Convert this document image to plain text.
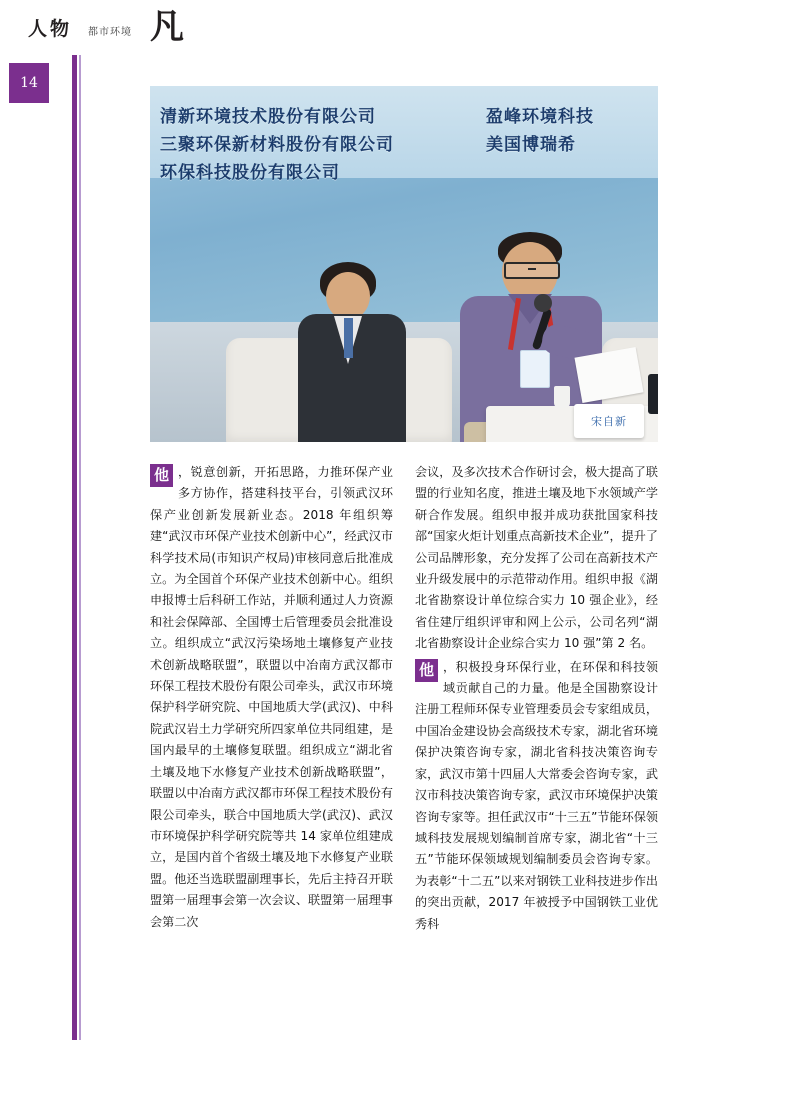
人物 都市环境 凡
14
清新环境技术股份有限公司
三聚环保新材料股份有限公司
环保科技股份有限公司
盈峰环境科技
美国博瑞希
宋自新

他 ，锐意创新，开拓思路，力推环保产业多方协作，搭建科技平台，引领武汉环保产业创新发展新业态。2018 年组织筹建“武汉市环保产业技术创新中心”，经武汉市科学技术局(市知识产权局)审核同意后批准成立。为全国首个环保产业技术创新中心。组织申报博士后科研工作站，并顺利通过人力资源和社会保障部、全国博士后管理委员会批准设立。组织成立“武汉污染场地土壤修复产业技术创新战略联盟”，联盟以中冶南方武汉都市环保工程技术股份有限公司牵头，武汉市环境保护科学研究院、中国地质大学(武汉)、中科院武汉岩土力学研究所四家单位共同组建，是国内最早的土壤修复联盟。组织成立“湖北省土壤及地下水修复产业技术创新战略联盟”，联盟以中冶南方武汉都市环保工程技术股份有限公司牵头，联合中国地质大学(武汉)、武汉市环境保护科学研究院等共 14 家单位组建成立，是国内首个省级土壤及地下水修复产业联盟。他还当选联盟副理事长，先后主持召开联盟第一届理事会第一次会议、联盟第一届理事会第二次

会议，及多次技术合作研讨会，极大提高了联盟的行业知名度，推进土壤及地下水领域产学研合作发展。组织申报并成功获批国家科技部“国家火炬计划重点高新技术企业”，提升了公司品牌形象，充分发挥了公司在高新技术产业升级发展中的示范带动作用。组织申报《湖北省勘察设计单位综合实力 10 强企业》，经省住建厅组织评审和网上公示，公司名列“湖北省勘察设计企业综合实力 10 强”第 2 名。

他 ，积极投身环保行业，在环保和科技领域贡献自己的力量。他是全国勘察设计注册工程师环保专业管理委员会专家组成员，中国冶金建设协会高级技术专家，湖北省环境保护决策咨询专家，湖北省科技决策咨询专家，武汉市第十四届人大常委会咨询专家，武汉市科技决策咨询专家，武汉市环境保护决策咨询专家等。担任武汉市“十三五”节能环保领域科技发展规划编制首席专家，湖北省“十三五”节能环保领域规划编制委员会咨询专家。为表彰“十二五”以来对钢铁工业科技进步作出的突出贡献，2017 年被授予中国钢铁工业优秀科
